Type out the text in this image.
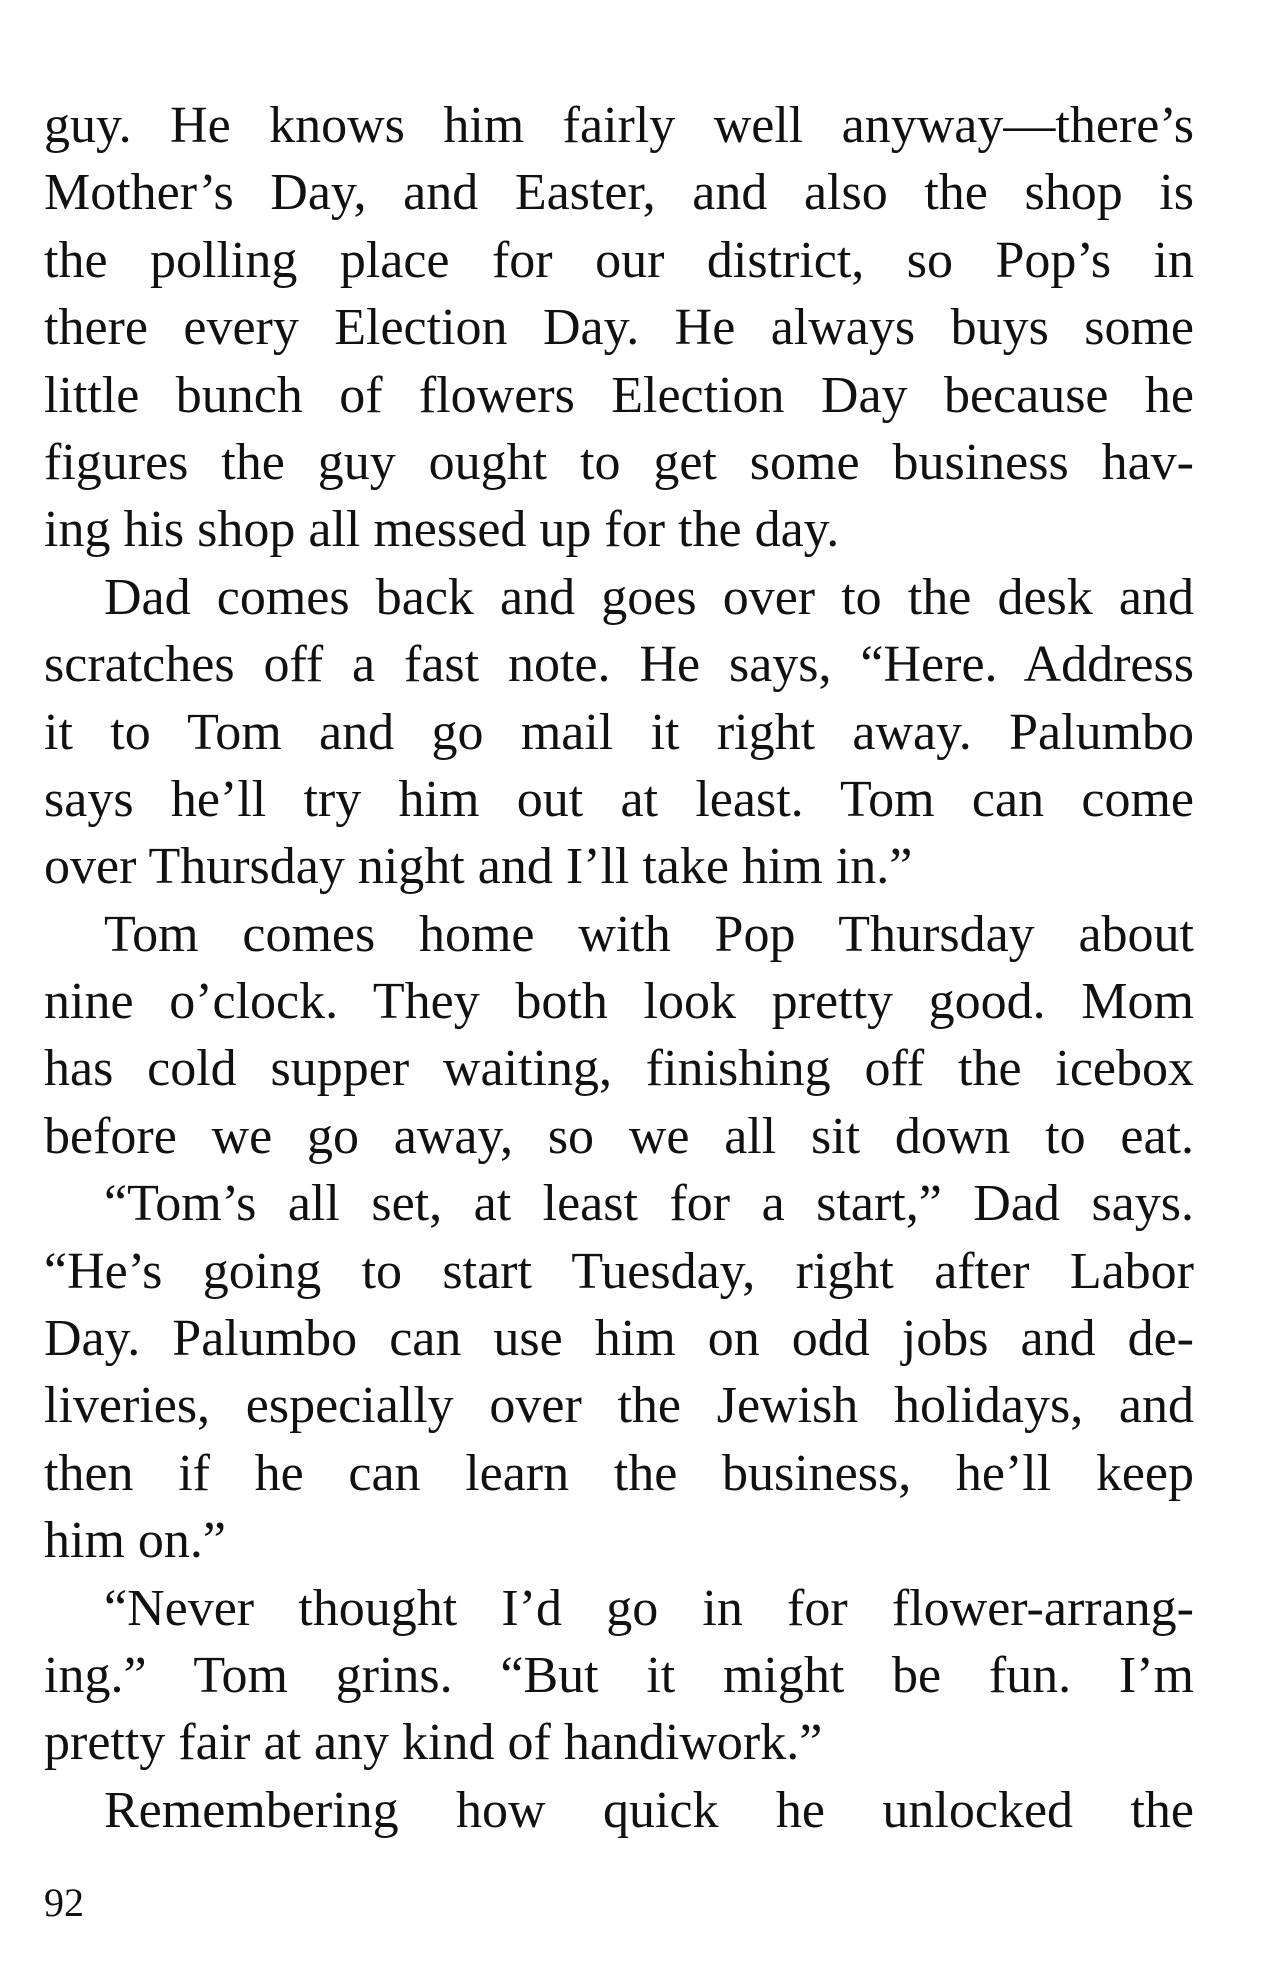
guy. He knows him fairly well anyway—there’s
Mother’s Day, and Easter, and also the shop is
the polling place for our district, so Pop’s in
there every Election Day. He always buys some
little bunch of flowers Election Day because he
figures the guy ought to get some business hav-
ing his shop all messed up for the day.
Dad comes back and goes over to the desk and
scratches off a fast note. He says, “Here. Address
it to Tom and go mail it right away. Palumbo
says he’ll try him out at least. Tom can come
over Thursday night and I’ll take him in.”
Tom comes home with Pop Thursday about
nine o’clock. They both look pretty good. Mom
has cold supper waiting, finishing off the icebox
before we go away, so we all sit down to eat.
“Tom’s all set, at least for a start,” Dad says.
“He’s going to start Tuesday, right after Labor
Day. Palumbo can use him on odd jobs and de-
liveries, especially over the Jewish holidays, and
then if he can learn the business, he’ll keep
him on.”
“Never thought I’d go in for flower-arrang-
ing.” Tom grins. “But it might be fun. I’m
pretty fair at any kind of handiwork.”
Remembering how quick he unlocked the
92
